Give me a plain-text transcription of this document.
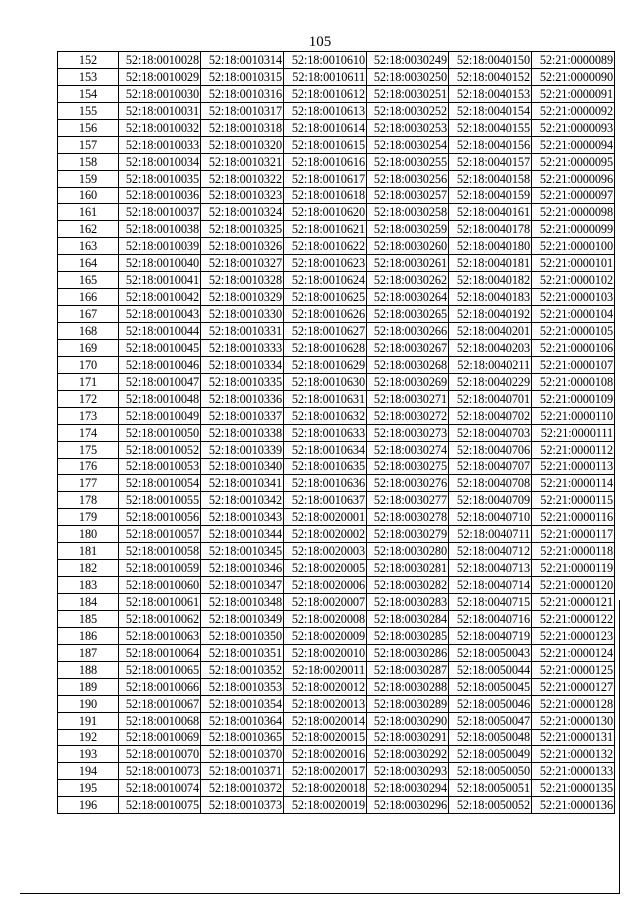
105
152	52:18:0010028	52:18:0010314	52:18:0010610	52:18:0030249	52:18:0040150	52:21:0000089
153	52:18:0010029	52:18:0010315	52:18:0010611	52:18:0030250	52:18:0040152	52:21:0000090
154	52:18:0010030	52:18:0010316	52:18:0010612	52:18:0030251	52:18:0040153	52:21:0000091
155	52:18:0010031	52:18:0010317	52:18:0010613	52:18:0030252	52:18:0040154	52:21:0000092
156	52:18:0010032	52:18:0010318	52:18:0010614	52:18:0030253	52:18:0040155	52:21:0000093
157	52:18:0010033	52:18:0010320	52:18:0010615	52:18:0030254	52:18:0040156	52:21:0000094
158	52:18:0010034	52:18:0010321	52:18:0010616	52:18:0030255	52:18:0040157	52:21:0000095
159	52:18:0010035	52:18:0010322	52:18:0010617	52:18:0030256	52:18:0040158	52:21:0000096
160	52:18:0010036	52:18:0010323	52:18:0010618	52:18:0030257	52:18:0040159	52:21:0000097
161	52:18:0010037	52:18:0010324	52:18:0010620	52:18:0030258	52:18:0040161	52:21:0000098
162	52:18:0010038	52:18:0010325	52:18:0010621	52:18:0030259	52:18:0040178	52:21:0000099
163	52:18:0010039	52:18:0010326	52:18:0010622	52:18:0030260	52:18:0040180	52:21:0000100
164	52:18:0010040	52:18:0010327	52:18:0010623	52:18:0030261	52:18:0040181	52:21:0000101
165	52:18:0010041	52:18:0010328	52:18:0010624	52:18:0030262	52:18:0040182	52:21:0000102
166	52:18:0010042	52:18:0010329	52:18:0010625	52:18:0030264	52:18:0040183	52:21:0000103
167	52:18:0010043	52:18:0010330	52:18:0010626	52:18:0030265	52:18:0040192	52:21:0000104
168	52:18:0010044	52:18:0010331	52:18:0010627	52:18:0030266	52:18:0040201	52:21:0000105
169	52:18:0010045	52:18:0010333	52:18:0010628	52:18:0030267	52:18:0040203	52:21:0000106
170	52:18:0010046	52:18:0010334	52:18:0010629	52:18:0030268	52:18:0040211	52:21:0000107
171	52:18:0010047	52:18:0010335	52:18:0010630	52:18:0030269	52:18:0040229	52:21:0000108
172	52:18:0010048	52:18:0010336	52:18:0010631	52:18:0030271	52:18:0040701	52:21:0000109
173	52:18:0010049	52:18:0010337	52:18:0010632	52:18:0030272	52:18:0040702	52:21:0000110
174	52:18:0010050	52:18:0010338	52:18:0010633	52:18:0030273	52:18:0040703	52:21:0000111
175	52:18:0010052	52:18:0010339	52:18:0010634	52:18:0030274	52:18:0040706	52:21:0000112
176	52:18:0010053	52:18:0010340	52:18:0010635	52:18:0030275	52:18:0040707	52:21:0000113
177	52:18:0010054	52:18:0010341	52:18:0010636	52:18:0030276	52:18:0040708	52:21:0000114
178	52:18:0010055	52:18:0010342	52:18:0010637	52:18:0030277	52:18:0040709	52:21:0000115
179	52:18:0010056	52:18:0010343	52:18:0020001	52:18:0030278	52:18:0040710	52:21:0000116
180	52:18:0010057	52:18:0010344	52:18:0020002	52:18:0030279	52:18:0040711	52:21:0000117
181	52:18:0010058	52:18:0010345	52:18:0020003	52:18:0030280	52:18:0040712	52:21:0000118
182	52:18:0010059	52:18:0010346	52:18:0020005	52:18:0030281	52:18:0040713	52:21:0000119
183	52:18:0010060	52:18:0010347	52:18:0020006	52:18:0030282	52:18:0040714	52:21:0000120
184	52:18:0010061	52:18:0010348	52:18:0020007	52:18:0030283	52:18:0040715	52:21:0000121
185	52:18:0010062	52:18:0010349	52:18:0020008	52:18:0030284	52:18:0040716	52:21:0000122
186	52:18:0010063	52:18:0010350	52:18:0020009	52:18:0030285	52:18:0040719	52:21:0000123
187	52:18:0010064	52:18:0010351	52:18:0020010	52:18:0030286	52:18:0050043	52:21:0000124
188	52:18:0010065	52:18:0010352	52:18:0020011	52:18:0030287	52:18:0050044	52:21:0000125
189	52:18:0010066	52:18:0010353	52:18:0020012	52:18:0030288	52:18:0050045	52:21:0000127
190	52:18:0010067	52:18:0010354	52:18:0020013	52:18:0030289	52:18:0050046	52:21:0000128
191	52:18:0010068	52:18:0010364	52:18:0020014	52:18:0030290	52:18:0050047	52:21:0000130
192	52:18:0010069	52:18:0010365	52:18:0020015	52:18:0030291	52:18:0050048	52:21:0000131
193	52:18:0010070	52:18:0010370	52:18:0020016	52:18:0030292	52:18:0050049	52:21:0000132
194	52:18:0010073	52:18:0010371	52:18:0020017	52:18:0030293	52:18:0050050	52:21:0000133
195	52:18:0010074	52:18:0010372	52:18:0020018	52:18:0030294	52:18:0050051	52:21:0000135
196	52:18:0010075	52:18:0010373	52:18:0020019	52:18:0030296	52:18:0050052	52:21:0000136
